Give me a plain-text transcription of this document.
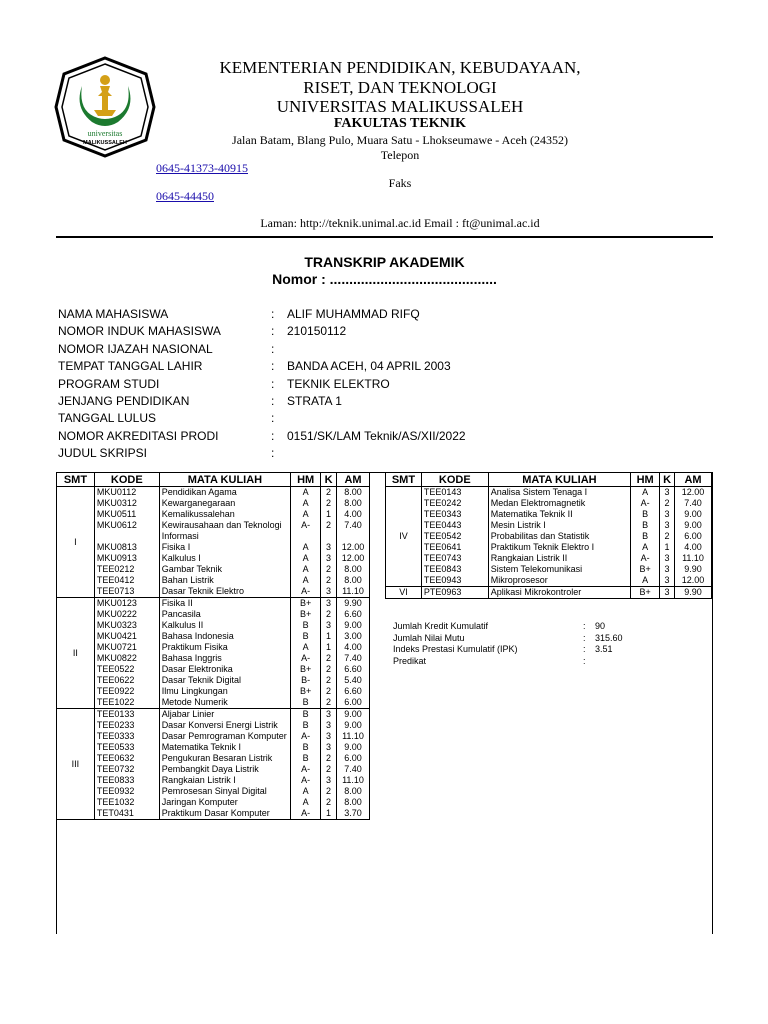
universitas
MALIKUSSALEH
KEMENTERIAN PENDIDIKAN, KEBUDAYAAN,
RISET, DAN TEKNOLOGI
UNIVERSITAS MALIKUSSALEH
FAKULTAS TEKNIK
Jalan Batam, Blang Pulo, Muara Satu - Lhokseumawe - Aceh (24352)
Telepon
0645-41373-40915
Faks
0645-44450
Laman: http://teknik.unimal.ac.id Email : ft@unimal.ac.id
TRANSKRIP AKADEMIK
Nomor : ...........................................
NAMA MAHASISWA	: ALIF MUHAMMAD RIFQ
NOMOR INDUK MAHASISWA	: 210150112
NOMOR IJAZAH NASIONAL	:
TEMPAT TANGGAL LAHIR	: BANDA ACEH, 04 APRIL 2003
PROGRAM STUDI	: TEKNIK ELEKTRO
JENJANG PENDIDIKAN	: STRATA 1
TANGGAL LULUS	:
NOMOR AKREDITASI PRODI	: 0151/SK/LAM Teknik/AS/XII/2022
JUDUL SKRIPSI	:
SMT	KODE	MATA KULIAH	HM	K	AM
I	MKU0112	Pendidikan Agama	A	2	8.00
	MKU0312	Kewarganegaraan	A	2	8.00
	MKU0511	Kemalikussalehan	A	1	4.00
	MKU0612	Kewirausahaan dan Teknologi Informasi	A-	2	7.40
	MKU0813	Fisika I	A	3	12.00
	MKU0913	Kalkulus I	A	3	12.00
	TEE0212	Gambar Teknik	A	2	8.00
	TEE0412	Bahan Listrik	A	2	8.00
	TEE0713	Dasar Teknik Elektro	A-	3	11.10
II	MKU0123	Fisika II	B+	3	9.90
	MKU0222	Pancasila	B+	2	6.60
	MKU0323	Kalkulus II	B	3	9.00
	MKU0421	Bahasa Indonesia	B	1	3.00
	MKU0721	Praktikum Fisika	A	1	4.00
	MKU0822	Bahasa Inggris	A-	2	7.40
	TEE0522	Dasar Elektronika	B+	2	6.60
	TEE0622	Dasar Teknik Digital	B-	2	5.40
	TEE0922	Ilmu Lingkungan	B+	2	6.60
	TEE1022	Metode Numerik	B	2	6.00
III	TEE0133	Aljabar Linier	B	3	9.00
	TEE0233	Dasar Konversi Energi Listrik	B	3	9.00
	TEE0333	Dasar Pemrograman Komputer	A-	3	11.10
	TEE0533	Matematika Teknik I	B	3	9.00
	TEE0632	Pengukuran Besaran Listrik	B	2	6.00
	TEE0732	Pembangkit Daya Listrik	A-	2	7.40
	TEE0833	Rangkaian Listrik I	A-	3	11.10
	TEE0932	Pemrosesan Sinyal Digital	A	2	8.00
	TEE1032	Jaringan Komputer	A	2	8.00
	TET0431	Praktikum Dasar Komputer	A-	1	3.70
SMT	KODE	MATA KULIAH	HM	K	AM
IV	TEE0143	Analisa Sistem Tenaga I	A	3	12.00
	TEE0242	Medan Elektromagnetik	A-	2	7.40
	TEE0343	Matematika Teknik II	B	3	9.00
	TEE0443	Mesin Listrik I	B	3	9.00
	TEE0542	Probabilitas dan Statistik	B	2	6.00
	TEE0641	Praktikum Teknik Elektro I	A	1	4.00
	TEE0743	Rangkaian Listrik II	A-	3	11.10
	TEE0843	Sistem Telekomunikasi	B+	3	9.90
	TEE0943	Mikroprosesor	A	3	12.00
VI	PTE0963	Aplikasi Mikrokontroler	B+	3	9.90
Jumlah Kredit Kumulatif	: 90
Jumlah Nilai Mutu	: 315.60
Indeks Prestasi Kumulatif (IPK)	: 3.51
Predikat	:
